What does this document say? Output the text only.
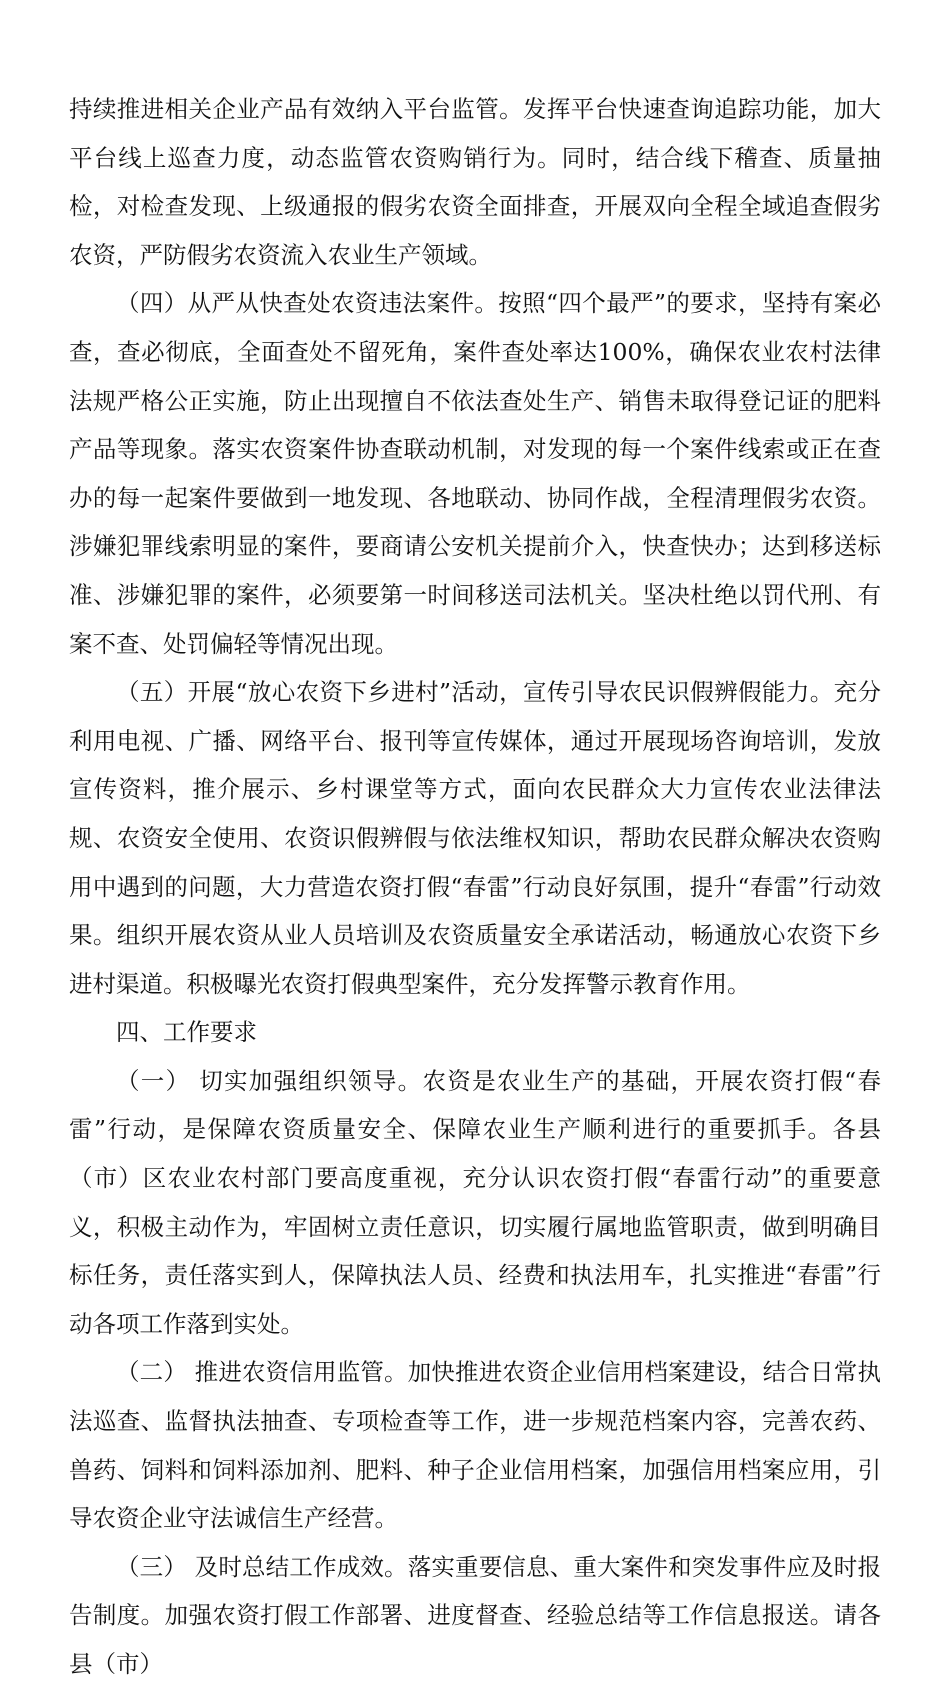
持续推进相关企业产品有效纳入平台监管。发挥平台快速查询追踪功能，加大平台线上巡查力度，动态监管农资购销行为。同时，结合线下稽查、质量抽检，对检查发现、上级通报的假劣农资全面排查，开展双向全程全域追查假劣农资，严防假劣农资流入农业生产领域。

（四）从严从快查处农资违法案件。按照“四个最严”的要求，坚持有案必查，查必彻底，全面查处不留死角，案件查处率达100%，确保农业农村法律法规严格公正实施，防止出现擅自不依法查处生产、销售未取得登记证的肥料产品等现象。落实农资案件协查联动机制，对发现的每一个案件线索或正在查办的每一起案件要做到一地发现、各地联动、协同作战，全程清理假劣农资。涉嫌犯罪线索明显的案件，要商请公安机关提前介入，快查快办；达到移送标准、涉嫌犯罪的案件，必须要第一时间移送司法机关。坚决杜绝以罚代刑、有案不查、处罚偏轻等情况出现。

（五）开展“放心农资下乡进村”活动，宣传引导农民识假辨假能力。充分利用电视、广播、网络平台、报刊等宣传媒体，通过开展现场咨询培训，发放宣传资料，推介展示、乡村课堂等方式，面向农民群众大力宣传农业法律法规、农资安全使用、农资识假辨假与依法维权知识，帮助农民群众解决农资购用中遇到的问题，大力营造农资打假“春雷”行动良好氛围，提升“春雷”行动效果。组织开展农资从业人员培训及农资质量安全承诺活动，畅通放心农资下乡进村渠道。积极曝光农资打假典型案件，充分发挥警示教育作用。

四、工作要求

（一） 切实加强组织领导。农资是农业生产的基础，开展农资打假“春雷”行动，是保障农资质量安全、保障农业生产顺利进行的重要抓手。各县（市）区农业农村部门要高度重视，充分认识农资打假“春雷行动”的重要意义，积极主动作为，牢固树立责任意识，切实履行属地监管职责，做到明确目标任务，责任落实到人，保障执法人员、经费和执法用车，扎实推进“春雷”行动各项工作落到实处。

（二） 推进农资信用监管。加快推进农资企业信用档案建设，结合日常执法巡查、监督执法抽查、专项检查等工作，进一步规范档案内容，完善农药、兽药、饲料和饲料添加剂、肥料、种子企业信用档案，加强信用档案应用，引导农资企业守法诚信生产经营。

（三） 及时总结工作成效。落实重要信息、重大案件和突发事件应及时报告制度。加强农资打假工作部署、进度督查、经验总结等工作信息报送。请各县（市）
